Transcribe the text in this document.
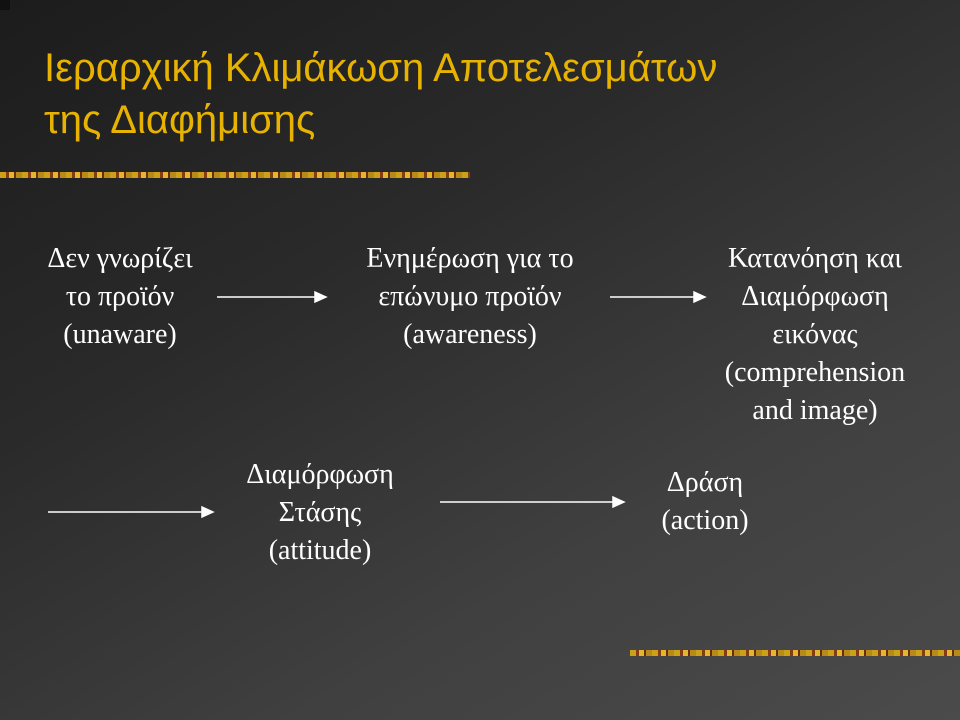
Ιεραρχική Κλιμάκωση Αποτελεσμάτων
της Διαφήμισης
Δεν γνωρίζει
το προϊόν
(unaware)
Ενημέρωση για το
επώνυμο προϊόν
(awareness)
Κατανόηση και
Διαμόρφωση
εικόνας
(comprehension
and image)
Διαμόρφωση
Στάσης
(attitude)
Δράση
(action)
